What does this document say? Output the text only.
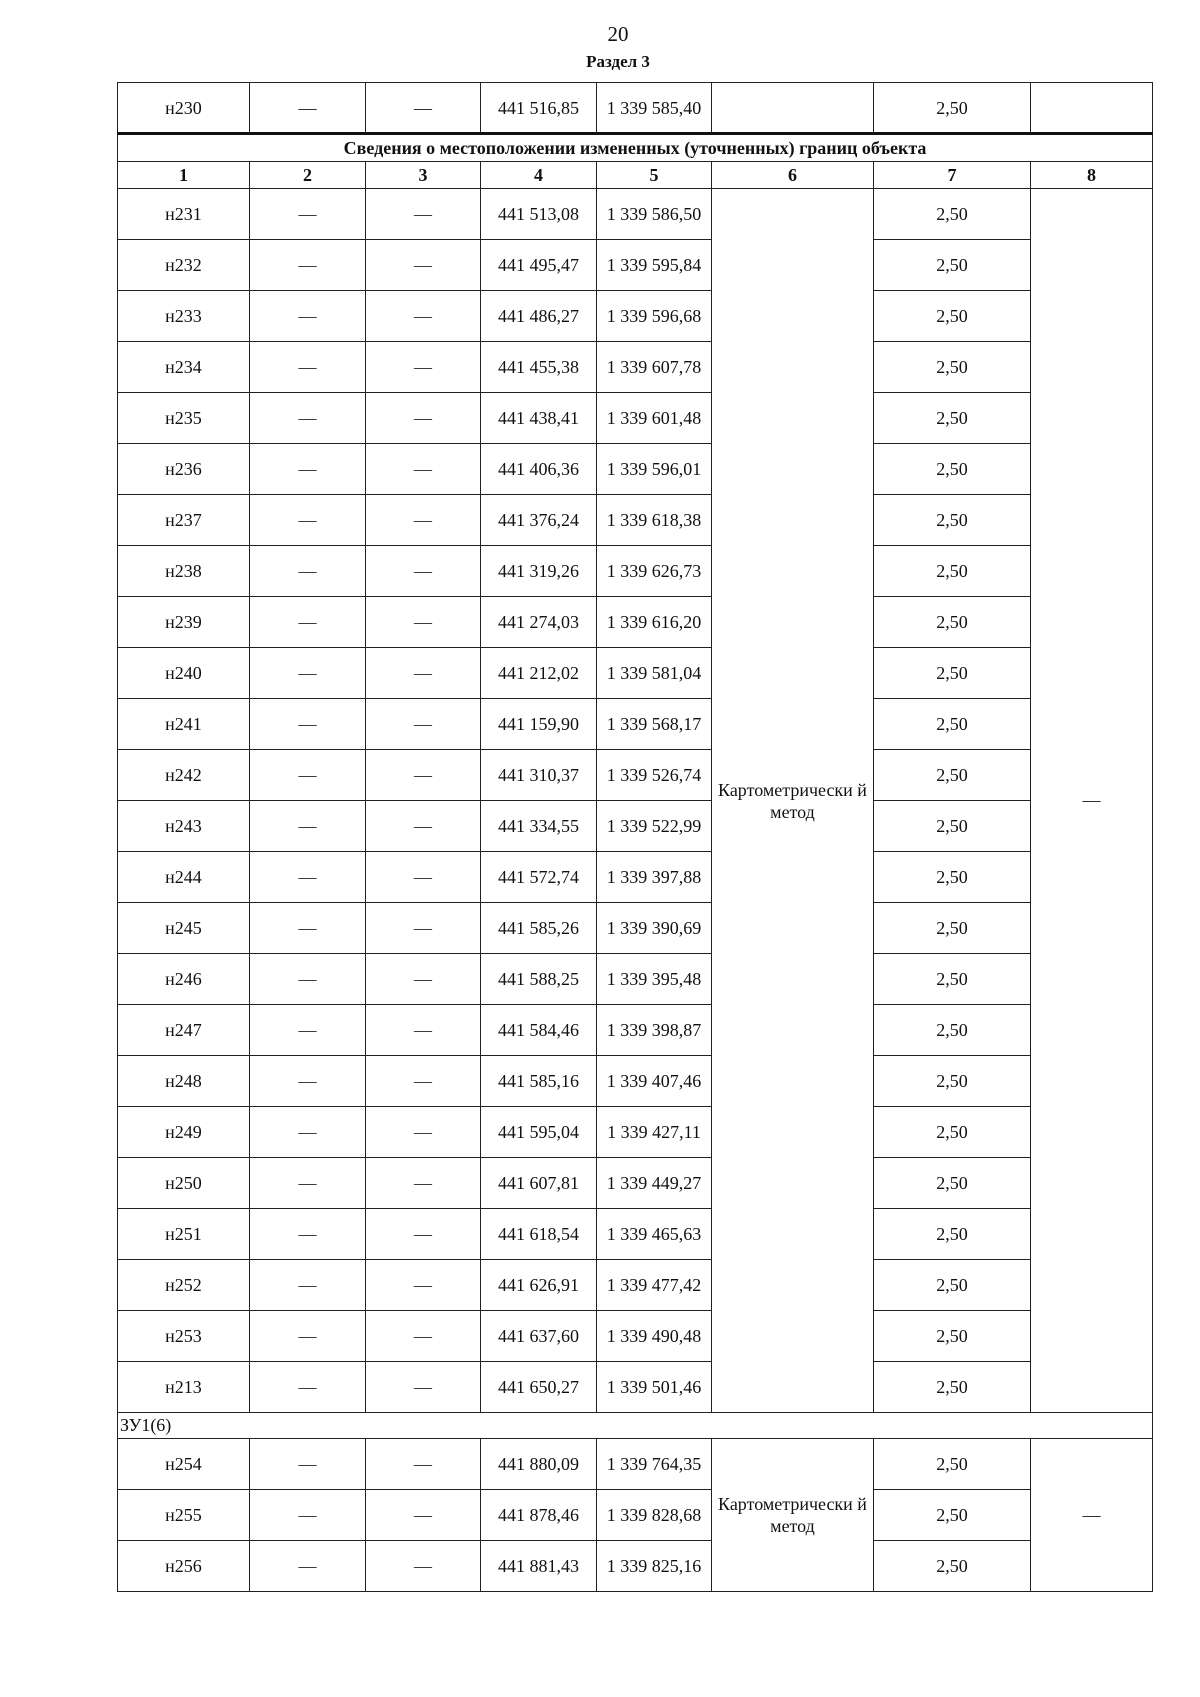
20
Раздел 3
н230	—	—	441 516,85	1 339 585,40		2,50	
Сведения о местоположении измененных (уточненных) границ объекта							
1	2	3	4	5	6	7	8
н231	—	—	441 513,08	1 339 586,50	Картометрически й метод	2,50	—
н232	—	—	441 495,47	1 339 595,84		2,50	
н233	—	—	441 486,27	1 339 596,68		2,50	
н234	—	—	441 455,38	1 339 607,78		2,50	
н235	—	—	441 438,41	1 339 601,48		2,50	
н236	—	—	441 406,36	1 339 596,01		2,50	
н237	—	—	441 376,24	1 339 618,38		2,50	
н238	—	—	441 319,26	1 339 626,73		2,50	
н239	—	—	441 274,03	1 339 616,20		2,50	
н240	—	—	441 212,02	1 339 581,04		2,50	
н241	—	—	441 159,90	1 339 568,17		2,50	
н242	—	—	441 310,37	1 339 526,74		2,50	
н243	—	—	441 334,55	1 339 522,99		2,50	
н244	—	—	441 572,74	1 339 397,88		2,50	
н245	—	—	441 585,26	1 339 390,69		2,50	
н246	—	—	441 588,25	1 339 395,48		2,50	
н247	—	—	441 584,46	1 339 398,87		2,50	
н248	—	—	441 585,16	1 339 407,46		2,50	
н249	—	—	441 595,04	1 339 427,11		2,50	
н250	—	—	441 607,81	1 339 449,27		2,50	
н251	—	—	441 618,54	1 339 465,63		2,50	
н252	—	—	441 626,91	1 339 477,42		2,50	
н253	—	—	441 637,60	1 339 490,48		2,50	
н213	—	—	441 650,27	1 339 501,46		2,50	
ЗУ1(6)							
н254	—	—	441 880,09	1 339 764,35	Картометрически й метод	2,50	—
н255	—	—	441 878,46	1 339 828,68		2,50	
н256	—	—	441 881,43	1 339 825,16		2,50	
